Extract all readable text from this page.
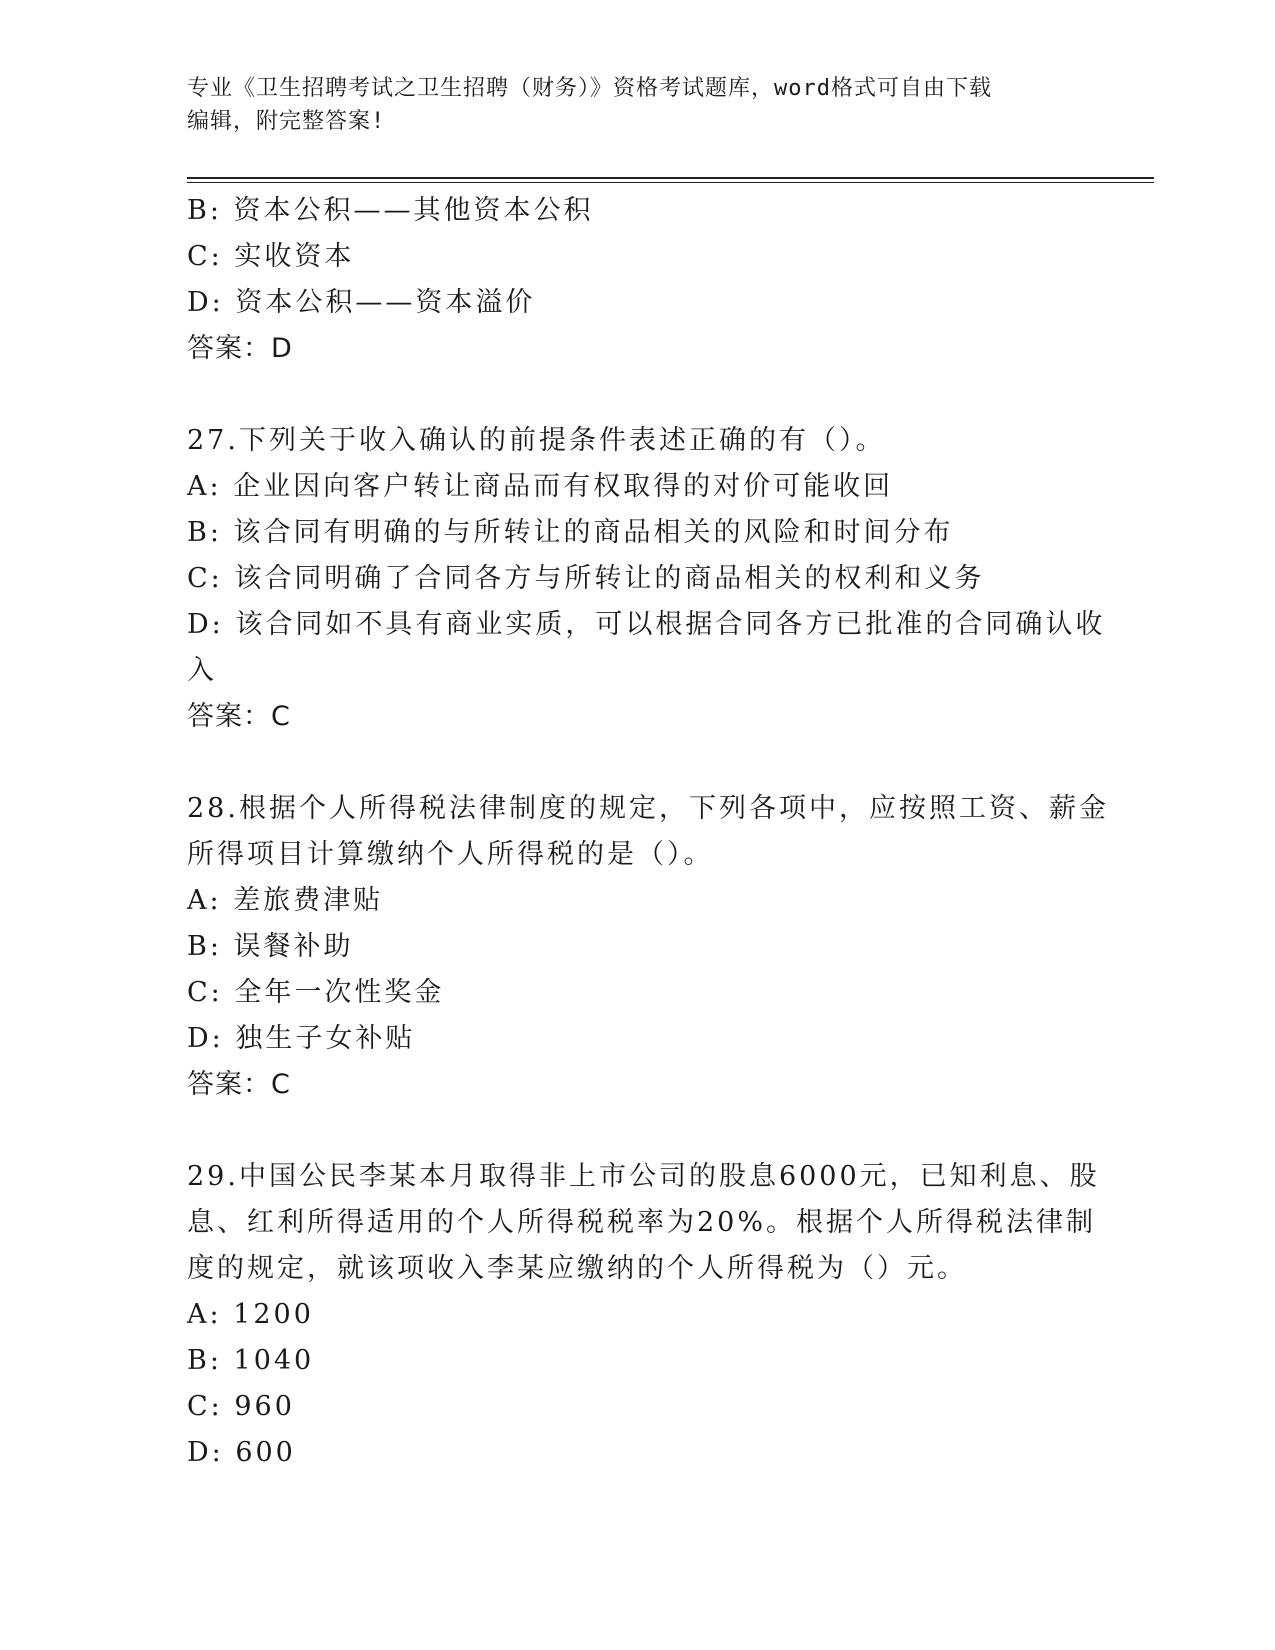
专业《卫生招聘考试之卫生招聘（财务）》资格考试题库，word格式可自由下载
编辑，附完整答案!
B: 资本公积——其他资本公积
C: 实收资本
D: 资本公积——资本溢价
答案：D
27.下列关于收入确认的前提条件表述正确的有（）。
A: 企业因向客户转让商品而有权取得的对价可能收回
B: 该合同有明确的与所转让的商品相关的风险和时间分布
C: 该合同明确了合同各方与所转让的商品相关的权利和义务
D: 该合同如不具有商业实质，可以根据合同各方已批准的合同确认收
入
答案：C
28.根据个人所得税法律制度的规定，下列各项中，应按照工资、薪金
所得项目计算缴纳个人所得税的是（）。
A: 差旅费津贴
B: 误餐补助
C: 全年一次性奖金
D: 独生子女补贴
答案：C
29.中国公民李某本月取得非上市公司的股息6000元，已知利息、股
息、红利所得适用的个人所得税税率为20%。根据个人所得税法律制
度的规定，就该项收入李某应缴纳的个人所得税为（）元。
A: 1200
B: 1040
C: 960
D: 600
